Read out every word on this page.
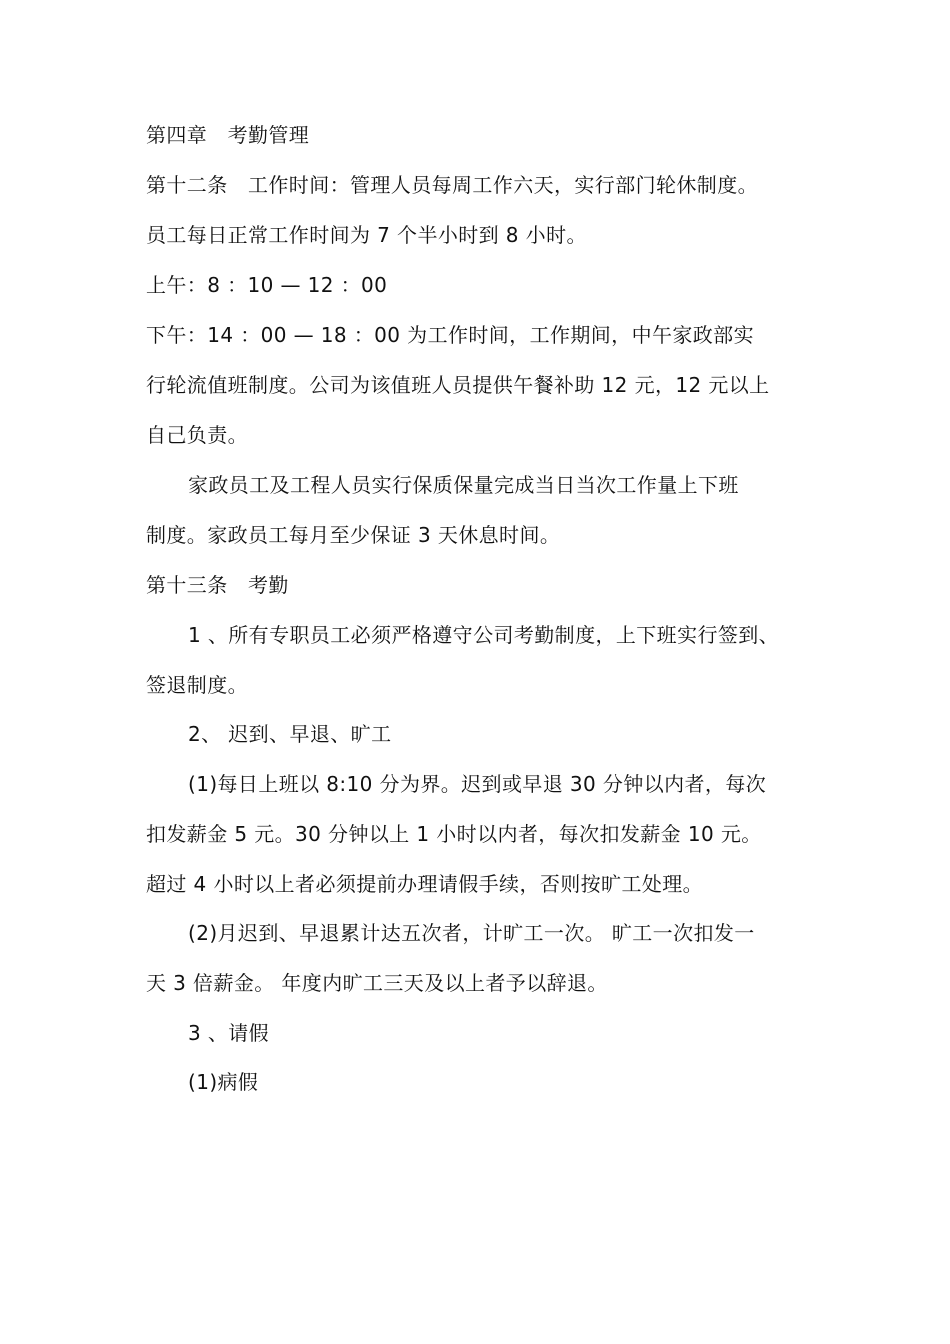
第四章　考勤管理
第十二条　工作时间：管理人员每周工作六天，实行部门轮休制度。
员工每日正常工作时间为 7 个半小时到 8 小时。
上午：8 ：10 — 12 ：00
下午：14 ：00 — 18 ：00 为工作时间，工作期间，中午家政部实
行轮流值班制度。公司为该值班人员提供午餐补助 12 元，12 元以上
自己负责。
家政员工及工程人员实行保质保量完成当日当次工作量上下班
制度。家政员工每月至少保证 3 天休息时间。
第十三条　考勤
1 、所有专职员工必须严格遵守公司考勤制度，上下班实行签到、
签退制度。
2、 迟到、早退、旷工
(1)每日上班以 8:10 分为界。迟到或早退 30 分钟以内者，每次
扣发薪金 5 元。30 分钟以上 1 小时以内者，每次扣发薪金 10 元。
超过 4 小时以上者必须提前办理请假手续，否则按旷工处理。
(2)月迟到、早退累计达五次者，计旷工一次。 旷工一次扣发一
天 3 倍薪金。 年度内旷工三天及以上者予以辞退。
3 、请假
(1)病假
